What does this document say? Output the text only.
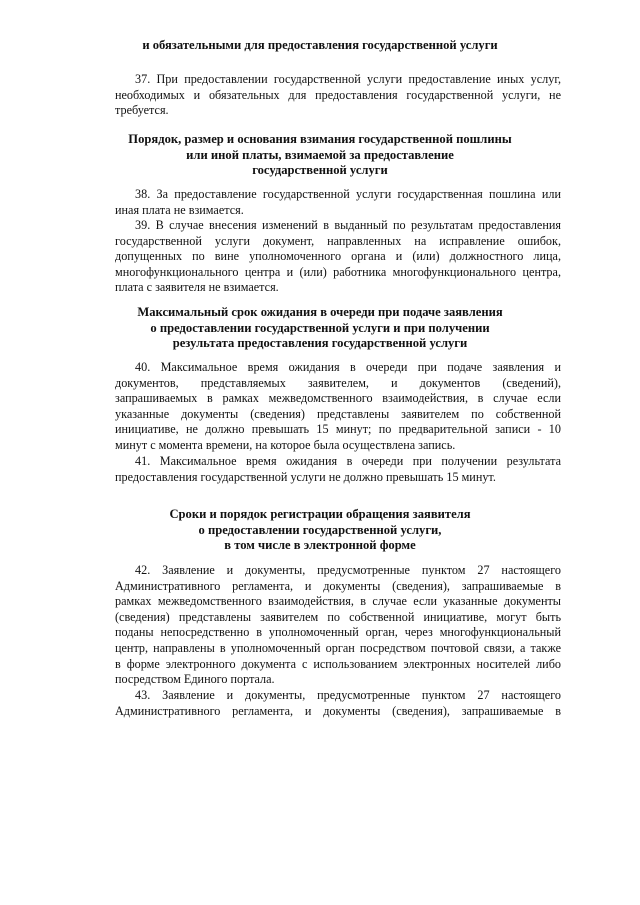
и обязательными для предоставления государственной услуги
37. При предоставлении государственной услуги предоставление иных услуг,
необходимых и обязательных для предоставления государственной услуги, не
требуется.
Порядок, размер и основания взимания государственной пошлины
или иной платы, взимаемой за предоставление
государственной услуги
38. За предоставление государственной услуги государственная пошлина или
иная плата не взимается.
39. В случае внесения изменений в выданный по результатам предоставления
государственной услуги документ, направленных на исправление ошибок,
допущенных по вине уполномоченного органа и (или) должностного лица,
многофункционального центра и (или) работника многофункционального центра,
плата с заявителя не взимается.
Максимальный срок ожидания в очереди при подаче заявления
о предоставлении государственной услуги и при получении
результата предоставления государственной услуги
40. Максимальное время ожидания в очереди при подаче заявления и
документов, представляемых заявителем, и документов (сведений),
запрашиваемых в рамках межведомственного взаимодействия, в случае если
указанные документы (сведения) представлены заявителем по собственной
инициативе, не должно превышать 15 минут; по предварительной записи - 10
минут с момента времени, на которое была осуществлена запись.
41. Максимальное время ожидания в очереди при получении результата
предоставления государственной услуги не должно превышать 15 минут.
Сроки и порядок регистрации обращения заявителя
о предоставлении государственной услуги,
в том числе в электронной форме
42. Заявление и документы, предусмотренные пунктом 27 настоящего
Административного регламента, и документы (сведения), запрашиваемые в
рамках межведомственного взаимодействия, в случае если указанные документы
(сведения) представлены заявителем по собственной инициативе, могут быть
поданы непосредственно в уполномоченный орган, через многофункциональный
центр, направлены в уполномоченный орган посредством почтовой связи, а также
в форме электронного документа с использованием электронных носителей либо
посредством Единого портала.
43. Заявление и документы, предусмотренные пунктом 27 настоящего
Административного регламента, и документы (сведения), запрашиваемые в
